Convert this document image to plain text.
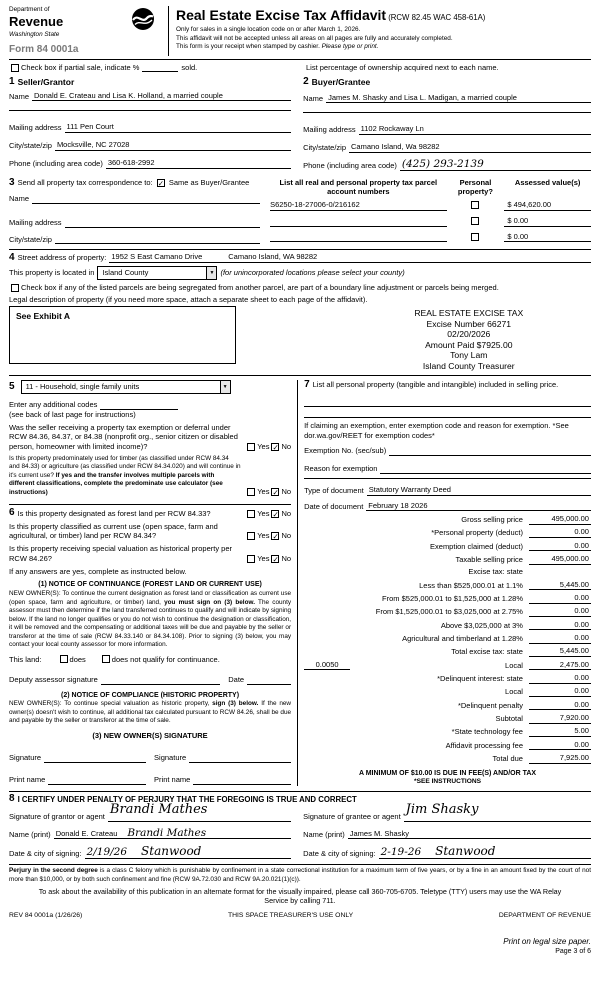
Department of
Revenue
Washington State
Form 84 0001a
Real Estate Excise Tax Affidavit (RCW 82.45 WAC 458-61A)
Only for sales in a single location code on or after March 1, 2026.
This affidavit will not be accepted unless all areas on all pages are fully and accurately completed.
This form is your receipt when stamped by cashier. Please type or print.
Check box if partial sale, indicate %	sold.	List percentage of ownership acquired next to each name.
1 Seller/Grantor
Name Donald E. Crateau and Lisa K. Holland, a married couple
Mailing address 111 Pen Court
City/state/zip Mocksville, NC 27028
Phone (including area code) 360-618-2992
2 Buyer/Grantee
Name James M. Shasky and Lisa L. Madigan, a married couple
Mailing address 1102 Rockaway Ln
City/state/zip Camano Island, Wa 98282
Phone (including area code) (425) 293-2139
3 Send all property tax correspondence to: ✓ Same as Buyer/Grantee
Name
Mailing address
City/state/zip
List all real and personal property tax parcel account numbers
Personal property?
Assessed value(s)
S6250-18-27006-0/216162	$ 494,620.00
$ 0.00
$ 0.00
4 Street address of property: 1952 S East Camano Drive	Camano Island, WA 98282
This property is located in	Island County	▼ (for unincorporated locations please select your county)
Check box if any of the listed parcels are being segregated from another parcel, are part of a boundary line adjustment or parcels being merged.
Legal description of property (if you need more space, attach a separate sheet to each page of the affidavit).
See Exhibit A	REAL ESTATE EXCISE TAX
Excise Number 66271
02/20/2026
Amount Paid $7925.00
Tony Lam
Island County Treasurer
5	11 - Household, single family units	▼
Enter any additional codes
(see back of last page for instructions)
Was the seller receiving a property tax exemption or deferral under RCW 84.36, 84.37, or 84.38 (nonprofit org., senior citizen or disabled person, homeowner with limited income)?	Yes ✓ No
Is this property predominately used for timber (as classified under RCW 84.34 and 84.33) or agriculture (as classified under RCW 84.34.020) and will continue in it's current use? If yes and the transfer involves multiple parcels with different classifications, complete the predominate use calculator (see instructions)	Yes ✓ No
6 Is this property designated as forest land per RCW 84.33?	Yes ✓ No
Is this property classified as current use (open space, farm and agricultural, or timber) land per RCW 84.34?	Yes ✓ No
Is this property receiving special valuation as historical property per RCW 84.26?	Yes ✓ No
If any answers are yes, complete as instructed below.
(1) NOTICE OF CONTINUANCE (FOREST LAND OR CURRENT USE)
NEW OWNER(S): To continue the current designation as forest land or classification as current use (open space, farm and agriculture, or timber) land, you must sign on (3) below. The county assessor must then determine if the land transferred continues to qualify and will indicate by signing below. If the land no longer qualifies or you do not wish to continue the designation or classification, it will be removed and the compensating or additional taxes will be due and payable by the seller or transferor at the time of sale (RCW 84.33.140 or 84.34.108). Prior to signing (3) below, you may contact your local county assessor for more information.
This land:	does	does not qualify for continuance.
Deputy assessor signature	Date
(2) NOTICE OF COMPLIANCE (HISTORIC PROPERTY)
NEW OWNER(S): To continue special valuation as historic property, sign (3) below. If the new owner(s) doesn't wish to continue, all additional tax calculated pursuant to RCW 84.26, shall be due and payable by the seller or transferor at the time of sale.
(3) NEW OWNER(S) SIGNATURE
Signature	Signature
Print name	Print name
7 List all personal property (tangible and intangible) included in selling price.
If claiming an exemption, enter exemption code and reason for exemption. *See dor.wa.gov/REET for exemption codes*
Exemption No. (sec/sub)
Reason for exemption
Type of document Statutory Warranty Deed
Date of document February 18 2026
Gross selling price	495,000.00
*Personal property (deduct)	0.00
Exemption claimed (deduct)	0.00
Taxable selling price	495,000.00
Excise tax: state
Less than $525,000.01 at 1.1%	5,445.00
From $525,000.01 to $1,525,000 at 1.28%	0.00
From $1,525,000.01 to $3,025,000 at 2.75%	0.00
Above $3,025,000 at 3%	0.00
Agricultural and timberland at 1.28%	0.00
Total excise tax: state	5,445.00
0.0050	Local	2,475.00
*Delinquent interest: state	0.00
Local	0.00
*Delinquent penalty	0.00
Subtotal	7,920.00
*State technology fee	5.00
Affidavit processing fee	0.00
Total due	7,925.00
A MINIMUM OF $10.00 IS DUE IN FEE(S) AND/OR TAX
*SEE INSTRUCTIONS
8 I CERTIFY UNDER PENALTY OF PERJURY THAT THE FOREGOING IS TRUE AND CORRECT
Signature of grantor or agent Brandi Mathes
Name (print) Donald E. Crateau Brandi Mathes
Date & city of signing: 2/19/26 Stanwood
Signature of grantee or agent Jim Shasky
Name (print) James M. Shasky
Date & city of signing: 2-19-26 Stanwood
Perjury in the second degree is a class C felony which is punishable by confinement in a state correctional institution for a maximum term of five years, or by a fine in an amount fixed by the court of not more than $10,000, or by both such confinement and fine (RCW 9A.72.030 and RCW 9A.20.021(1)(c)).
To ask about the availability of this publication in an alternate format for the visually impaired, please call 360-705-6705. Teletype (TTY) users may use the WA Relay Service by calling 711.
REV 84 0001a (1/26/26)	THIS SPACE TREASURER'S USE ONLY	DEPARTMENT OF REVENUE
Print on legal size paper.
Page 3 of 6
